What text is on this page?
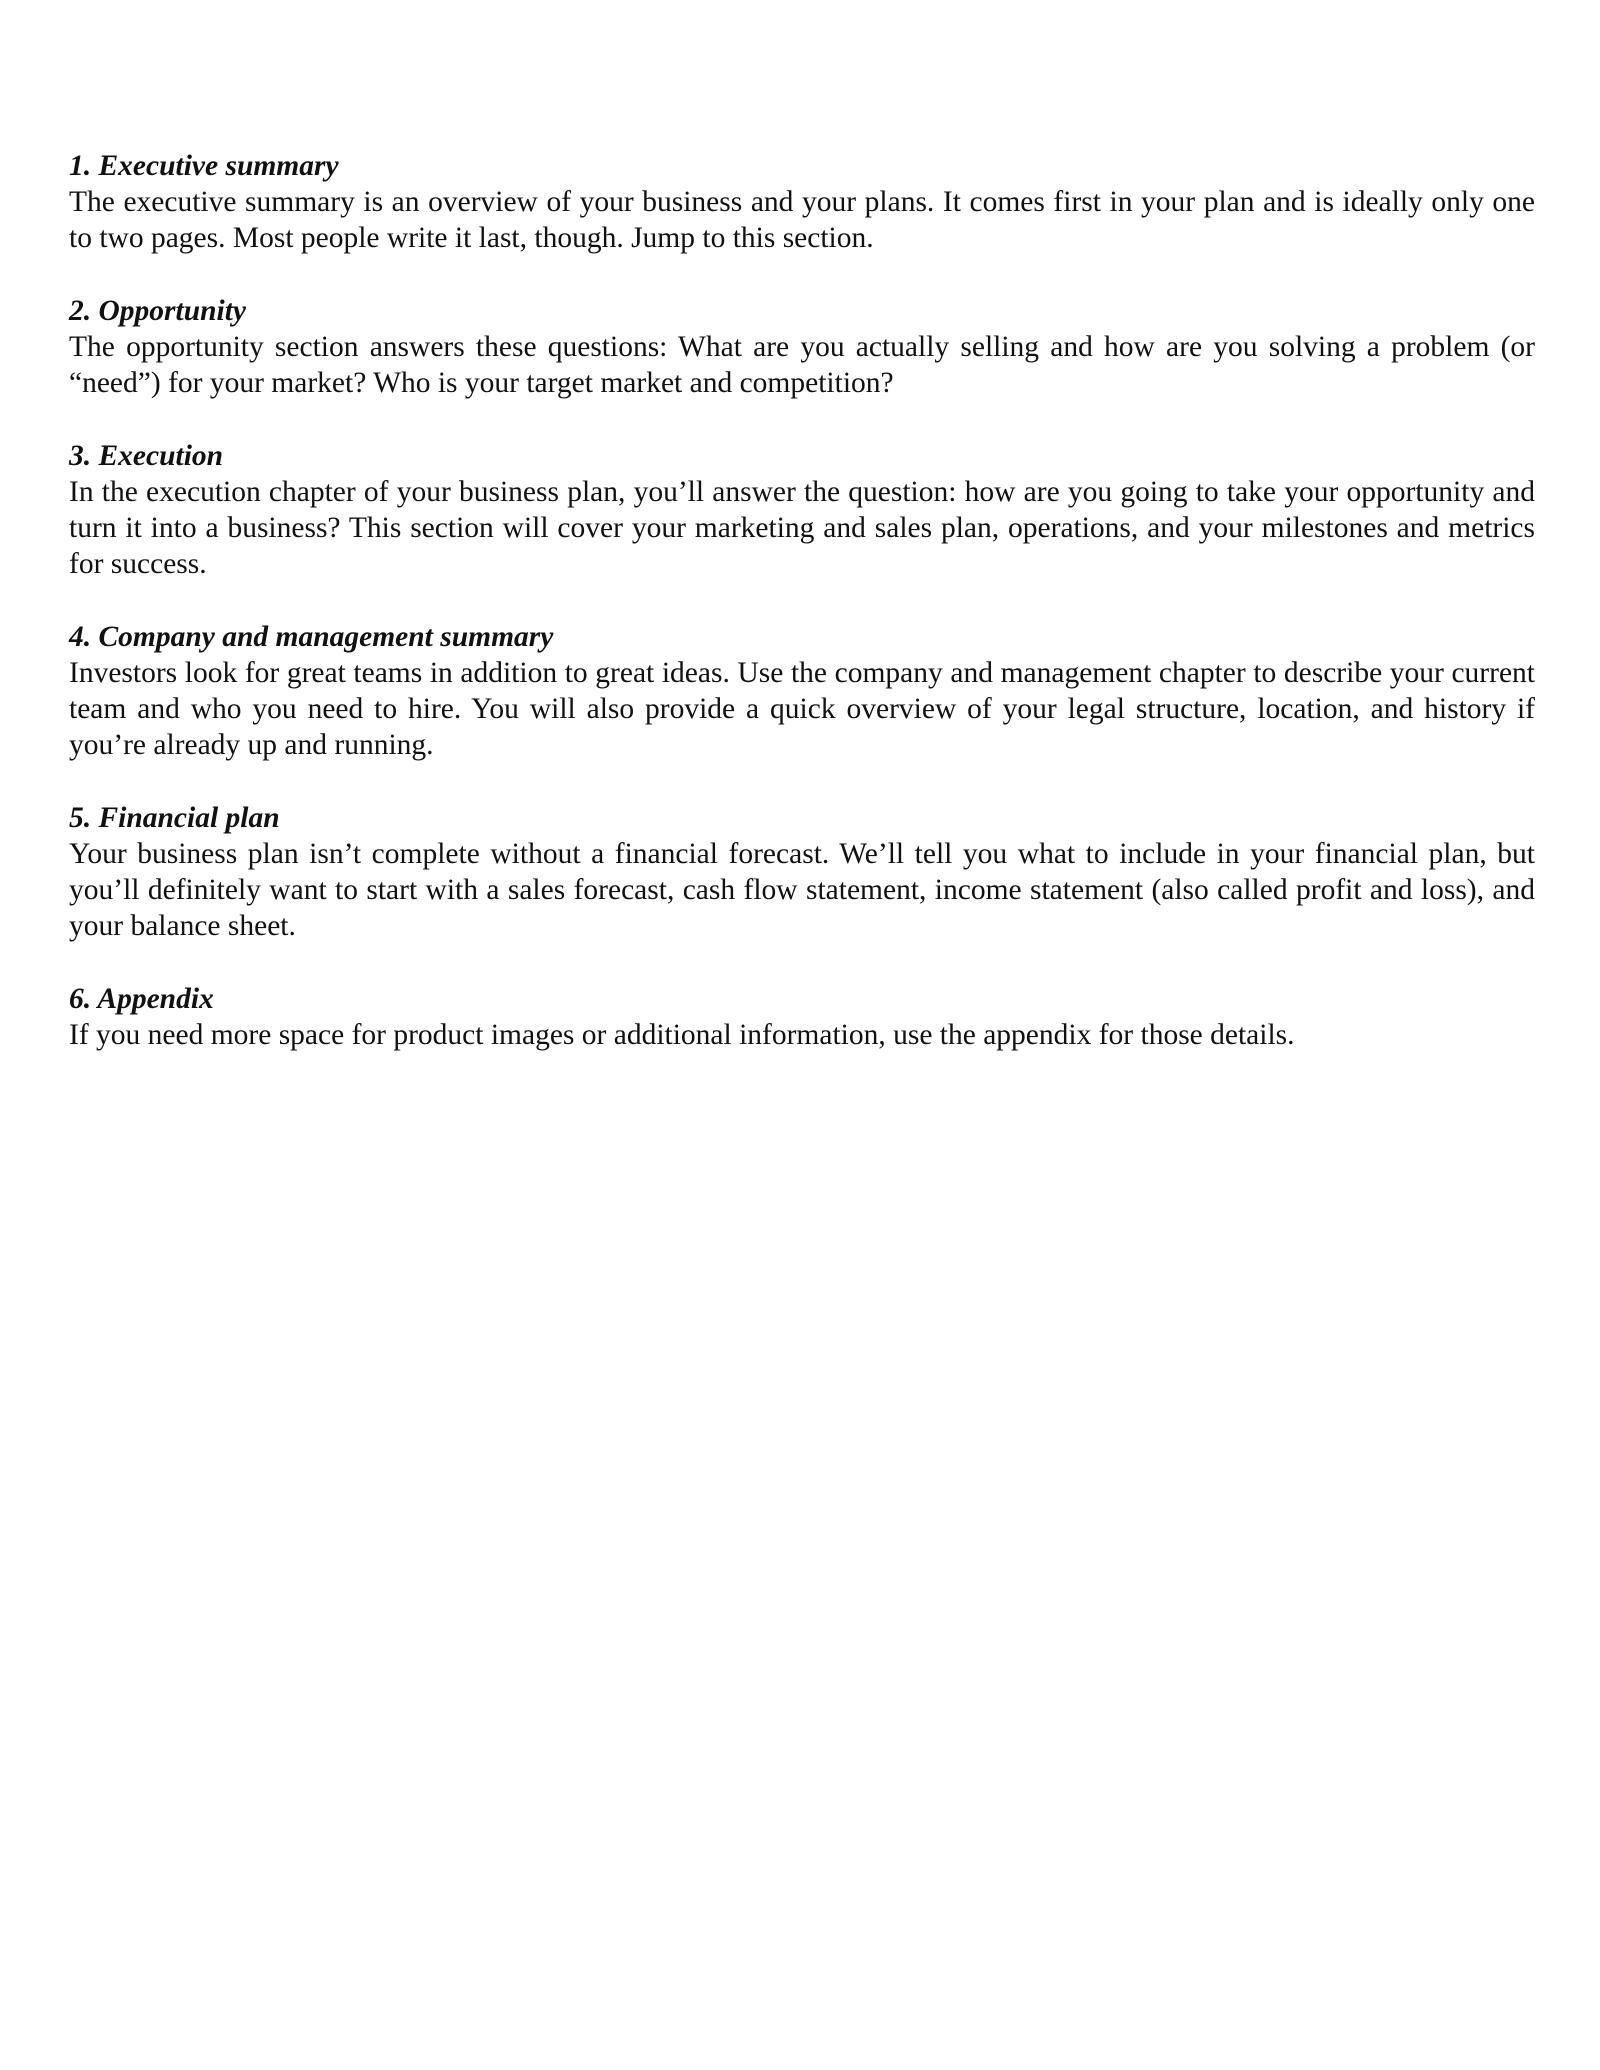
1. Executive summary

The executive summary is an overview of your business and your plans. It comes first in your plan and is ideally only one to two pages. Most people write it last, though. Jump to this section.

2. Opportunity

The opportunity section answers these questions: What are you actually selling and how are you solving a problem (or “need”) for your market? Who is your target market and competition?

3. Execution

In the execution chapter of your business plan, you’ll answer the question: how are you going to take your opportunity and turn it into a business? This section will cover your marketing and sales plan, operations, and your milestones and metrics for success.

4. Company and management summary

Investors look for great teams in addition to great ideas. Use the company and management chapter to describe your current team and who you need to hire. You will also provide a quick overview of your legal structure, location, and history if you’re already up and running.

5. Financial plan

Your business plan isn’t complete without a financial forecast. We’ll tell you what to include in your financial plan, but you’ll definitely want to start with a sales forecast, cash flow statement, income statement (also called profit and loss), and your balance sheet.

6. Appendix

If you need more space for product images or additional information, use the appendix for those details.
